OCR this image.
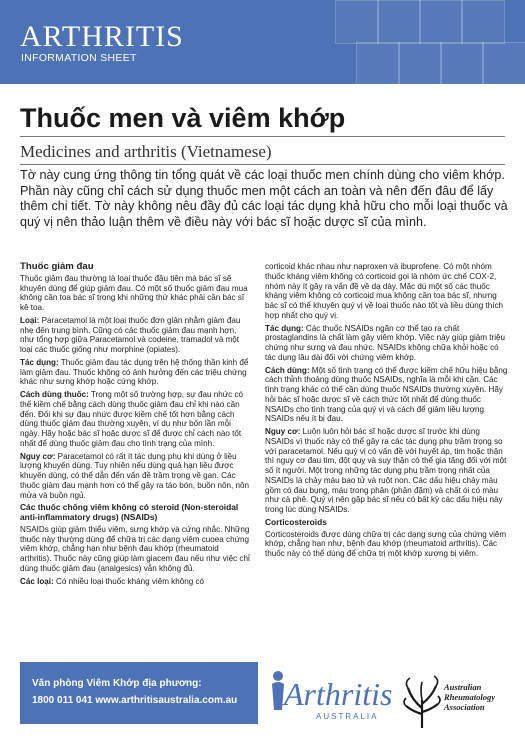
ARTHRITIS
INFORMATION SHEET
Thuốc men và viêm khớp
Medicines and arthritis (Vietnamese)

Tờ này cung ứng thông tin tổng quát về các loại thuốc men chính dùng cho viêm khớp. Phần này cũng chỉ cách sử dụng thuốc men một cách an toàn và nên đến đâu để lấy thêm chi tiết. Tờ này không nêu đầy đủ các loại tác dụng khả hữu cho mỗi loại thuốc và quý vị nên thảo luận thêm về điều này với bác sĩ hoặc dược sĩ của mình.

Thuốc giảm đau

Thuốc giảm đau thường là loại thuốc đầu tiên mà bác sĩ sẽ khuyên dùng để giúp giảm đau. Có một số thuốc giảm đau mua không cần toa bác sĩ trong khi những thứ khác phải cần bác sĩ kê toa.

Loại: Paracetamol là một loại thuốc đơn giản nhằm giảm đau nhẹ đến trung bình. Cũng có các thuốc giảm đau mạnh hơn, như tổng hợp giữa Paracetamol và codeine, tramadol và một loại các thuốc giống như morphine (opiates).

Tác dụng: Thuốc giảm đau tác dụng trên hệ thống thần kinh để làm giảm đau. Thuốc không có ảnh hưởng đến các triệu chứng khác như sưng khớp hoặc cứng khớp.

Cách dùng thuốc: Trong một số trường hợp, sự đau nhức có thể kiềm chế bằng cách dùng thuốc giảm đau chỉ khi nào cần đến. Đối khi sự đau nhức được kiềm chế tốt hơn bằng cách dùng thuốc giảm đau thường xuyên, ví dụ như bốn lần mỗi ngày. Hãy hoặc bác sĩ hoặc dược sĩ để được chỉ cách nào tốt nhất để dùng thuốc giảm đau cho tình trạng của mình.

Nguy cơ: Paracetamol có rất ít tác dụng phụ khi dùng ở liều lượng khuyến dùng. Tuy nhiên nếu dùng quá hạn liều được khuyến dùng, có thể dẫn đến vấn đề trầm trọng về gan. Các thuốc giảm đau mạnh hơn có thể gây ra táo bón, buồn nôn, nôn mửa và buồn ngủ.

Các thuốc chống viêm không có steroid (Non-steroidal anti-inflammatory drugs) (NSAIDs)

NSAIDs giúp giảm thiểu viêm, sưng khớp và cứng nhắc. Những thuốc này thường dùng để chữa trị các dạng viêm cuoea chứng viêm khớp, chẳng hạn như bệnh đau khớp (rheumatoid arthritis). Thuốc này cũng giúp làm giacem đau nếu như việc chỉ dùng thuốc giảm đau (analgesics) vẫn không đủ.

Các loại: Có nhiều loại thuốc kháng viêm không có

corticoid khác nhau như naproxen và ibuprofene. Có một nhóm thuốc kháng viêm không có corticoid gọi là nhóm ức chế COX-2, nhóm này ít gây ra vấn đề về dạ dày. Mặc dù một số các thuốc kháng viêm không có corticoid mua không cần toa bác sĩ, nhưng bác sĩ có thể khuyên quý vị về loại thuốc nào tốt và liều dùng thích hợp nhất cho quý vị.

Tác dụng: Các thuốc NSAIDs ngăn cơ thể tạo ra chất prostaglandins là chất làm gây viêm khớp. Việc này giúp giảm triệu chứng như sưng và đau nhức. NSAIDs không chữa khỏi hoặc có tác dụng lâu dài đối với chứng viêm khớp.

Cách dùng: Một số tình trạng có thể được kiềm chế hữu hiệu bằng cách thỉnh thoảng dùng thuốc NSAIDs, nghĩa là mỗi khi cần. Các tình trạng khác có thể cần dùng thuốc NSAIDs thường xuyên. Hãy hỏi bác sĩ hoặc dược sĩ về cách thức tốt nhất để dùng thuốc NSAIDs cho tình trạng của quý vị và cách để giảm liều lượng NSAIDs nếu ít bị đau.

Nguy cơ: Luôn luôn hỏi bác sĩ hoặc dược sĩ trước khi dùng NSAIDs vì thuốc này có thể gây ra các tác dụng phụ trầm trọng so với paracetamol. Nếu quý vị có vấn đề với huyết áp, tim hoặc thận thì nguy cơ đau tim, đột quỵ và suy thận có thể gia tăng đối với một số ít người. Một trong những tác dụng phụ trầm trọng nhất của NSAIDs là chảy máu bao tử và ruột non. Các dấu hiệu chảy máu gồm có đau bụng, máu trong phân (phân đặm) và chất ói có màu như cà phê. Quý vị nên gặp bác sĩ nếu có bất kỳ các dấu hiệu này trong lúc dùng NSAIDs.

Corticosteroids

Corticosteroids được dùng chữa trị các dạng sưng của chứng viêm khớp, chẳng hạn như, bệnh đau khớp (rheumatoid arthritis). Các thuốc này có thể dùng để chữa trị một khớp xương bị viêm.

Văn phòng Viêm Khớp địa phương:
1800 011 041 www.arthritisaustralia.com.au Arthritis
AUSTRALIA
Australian
Rheumatology
Association
